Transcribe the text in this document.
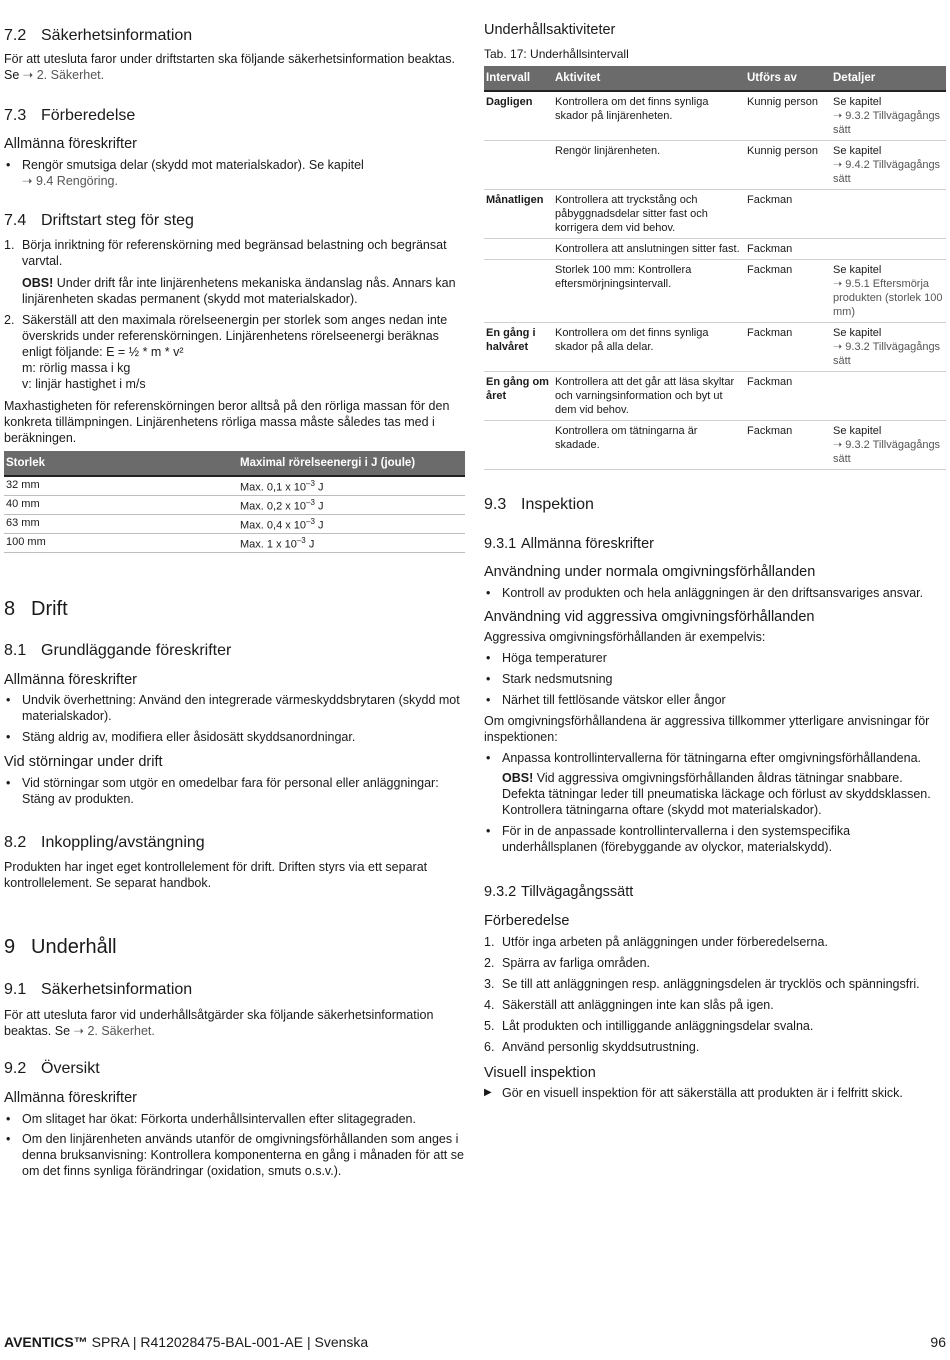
7.2 Säkerhetsinformation

För att utesluta faror under driftstarten ska följande säkerhetsinformation beaktas. Se ➝ 2. Säkerhet.

7.3 Förberedelse
Allmänna föreskrifter
• Rengör smutsiga delar (skydd mot materialskador). Se kapitel
➝ 9.4 Rengöring.
7.4 Driftstart steg för steg
1. Börja inriktning för referenskörning med begränsad belastning och begränsat varvtal.
OBS! Under drift får inte linjärenhetens mekaniska ändanslag nås. Annars kan linjärenheten skadas permanent (skydd mot materialskador).
2. Säkerställ att den maximala rörelseenergin per storlek som anges nedan inte överskrids under referenskörningen. Linjärenhetens rörelseenergi beräknas enligt följande: E = ½ * m * v²
m: rörlig massa i kg
v: linjär hastighet i m/s

Maxhastigheten för referenskörningen beror alltså på den rörliga massan för den konkreta tillämpningen. Linjärenhetens rörliga massa måste således tas med i beräkningen.

Storlek	Maximal rörelseenergi i J (joule)
32 mm	Max. 0,1 x $10^{-3}$ J
40 mm	Max. 0,2 x $10^{-3}$ J
63 mm	Max. 0,4 x $10^{-3}$ J
100 mm	Max. 1 x $10^{-3}$ J
8 Drift
8.1 Grundläggande föreskrifter
Allmänna föreskrifter
• Undvik överhettning: Använd den integrerade värmeskyddsbrytaren (skydd mot materialskador).
• Stäng aldrig av, modifiera eller åsidosätt skyddsanordningar.
Vid störningar under drift
• Vid störningar som utgör en omedelbar fara för personal eller anläggningar: Stäng av produkten.
8.2 Inkoppling/avstängning

Produkten har inget eget kontrollelement för drift. Driften styrs via ett separat kontrollelement. Se separat handbok.

9 Underhåll
9.1 Säkerhetsinformation

För att utesluta faror vid underhållsåtgärder ska följande säkerhetsinformation beaktas. Se ➝ 2. Säkerhet.

9.2 Översikt
Allmänna föreskrifter
• Om slitaget har ökat: Förkorta underhållsintervallen efter slitagegraden.
• Om den linjärenheten används utanför de omgivningsförhållanden som anges i denna bruksanvisning: Kontrollera komponenterna en gång i månaden för att se om det finns synliga förändringar (oxidation, smuts o.s.v.).
Underhållsaktiviteter
Tab. 17: Underhållsintervall
Intervall	Aktivitet	Utförs av	Detaljer
Dagligen	Kontrollera om det finns synliga skador på linjärenheten.	Kunnig person	Se kapitel
➝ 9.3.2 Tillvägagångs sätt
	Rengör linjärenheten.	Kunnig person	Se kapitel
➝ 9.4.2 Tillvägagångs sätt
Månatligen	Kontrollera att tryckstång och påbyggnadsdelar sitter fast och korrigera dem vid behov.	Fackman	
	Kontrollera att anslutningen sitter fast.	Fackman	
	Storlek 100 mm: Kontrollera eftersmörjningsintervall.	Fackman	Se kapitel
➝ 9.5.1 Eftersmörja produkten (storlek 100 mm)
En gång i halvåret	Kontrollera om det finns synliga skador på alla delar.	Fackman	Se kapitel
➝ 9.3.2 Tillvägagångs sätt
En gång om året	Kontrollera att det går att läsa skyltar och varningsinformation och byt ut dem vid behov.	Fackman	
	Kontrollera om tätningarna är skadade.	Fackman	Se kapitel
➝ 9.3.2 Tillvägagångs sätt
9.3 Inspektion
9.3.1 Allmänna föreskrifter
Användning under normala omgivningsförhållanden
• Kontroll av produkten och hela anläggningen är den driftsansvariges ansvar.
Användning vid aggressiva omgivningsförhållanden

Aggressiva omgivningsförhållanden är exempelvis:

• Höga temperaturer
• Stark nedsmutsning
• Närhet till fettlösande vätskor eller ångor

Om omgivningsförhållandena är aggressiva tillkommer ytterligare anvisningar för inspektionen:

• Anpassa kontrollintervallerna för tätningarna efter omgivningsförhållandena.
OBS! Vid aggressiva omgivningsförhållanden åldras tätningar snabbare. Defekta tätningar leder till pneumatiska läckage och förlust av skyddsklassen. Kontrollera tätningarna oftare (skydd mot materialskador).
• För in de anpassade kontrollintervallerna i den systemspecifika underhållsplanen (förebyggande av olyckor, materialskydd).
9.3.2 Tillvägagångssätt
Förberedelse
1. Utför inga arbeten på anläggningen under förberedelserna.
2. Spärra av farliga områden.
3. Se till att anläggningen resp. anläggningsdelen är trycklös och spänningsfri.
4. Säkerställ att anläggningen inte kan slås på igen.
5. Låt produkten och intilliggande anläggningsdelar svalna.
6. Använd personlig skyddsutrustning.
Visuell inspektion
▶ Gör en visuell inspektion för att säkerställa att produkten är i felfritt skick.
AVENTICS™ SPRA | R412028475-BAL-001-AE | Svenska	96
